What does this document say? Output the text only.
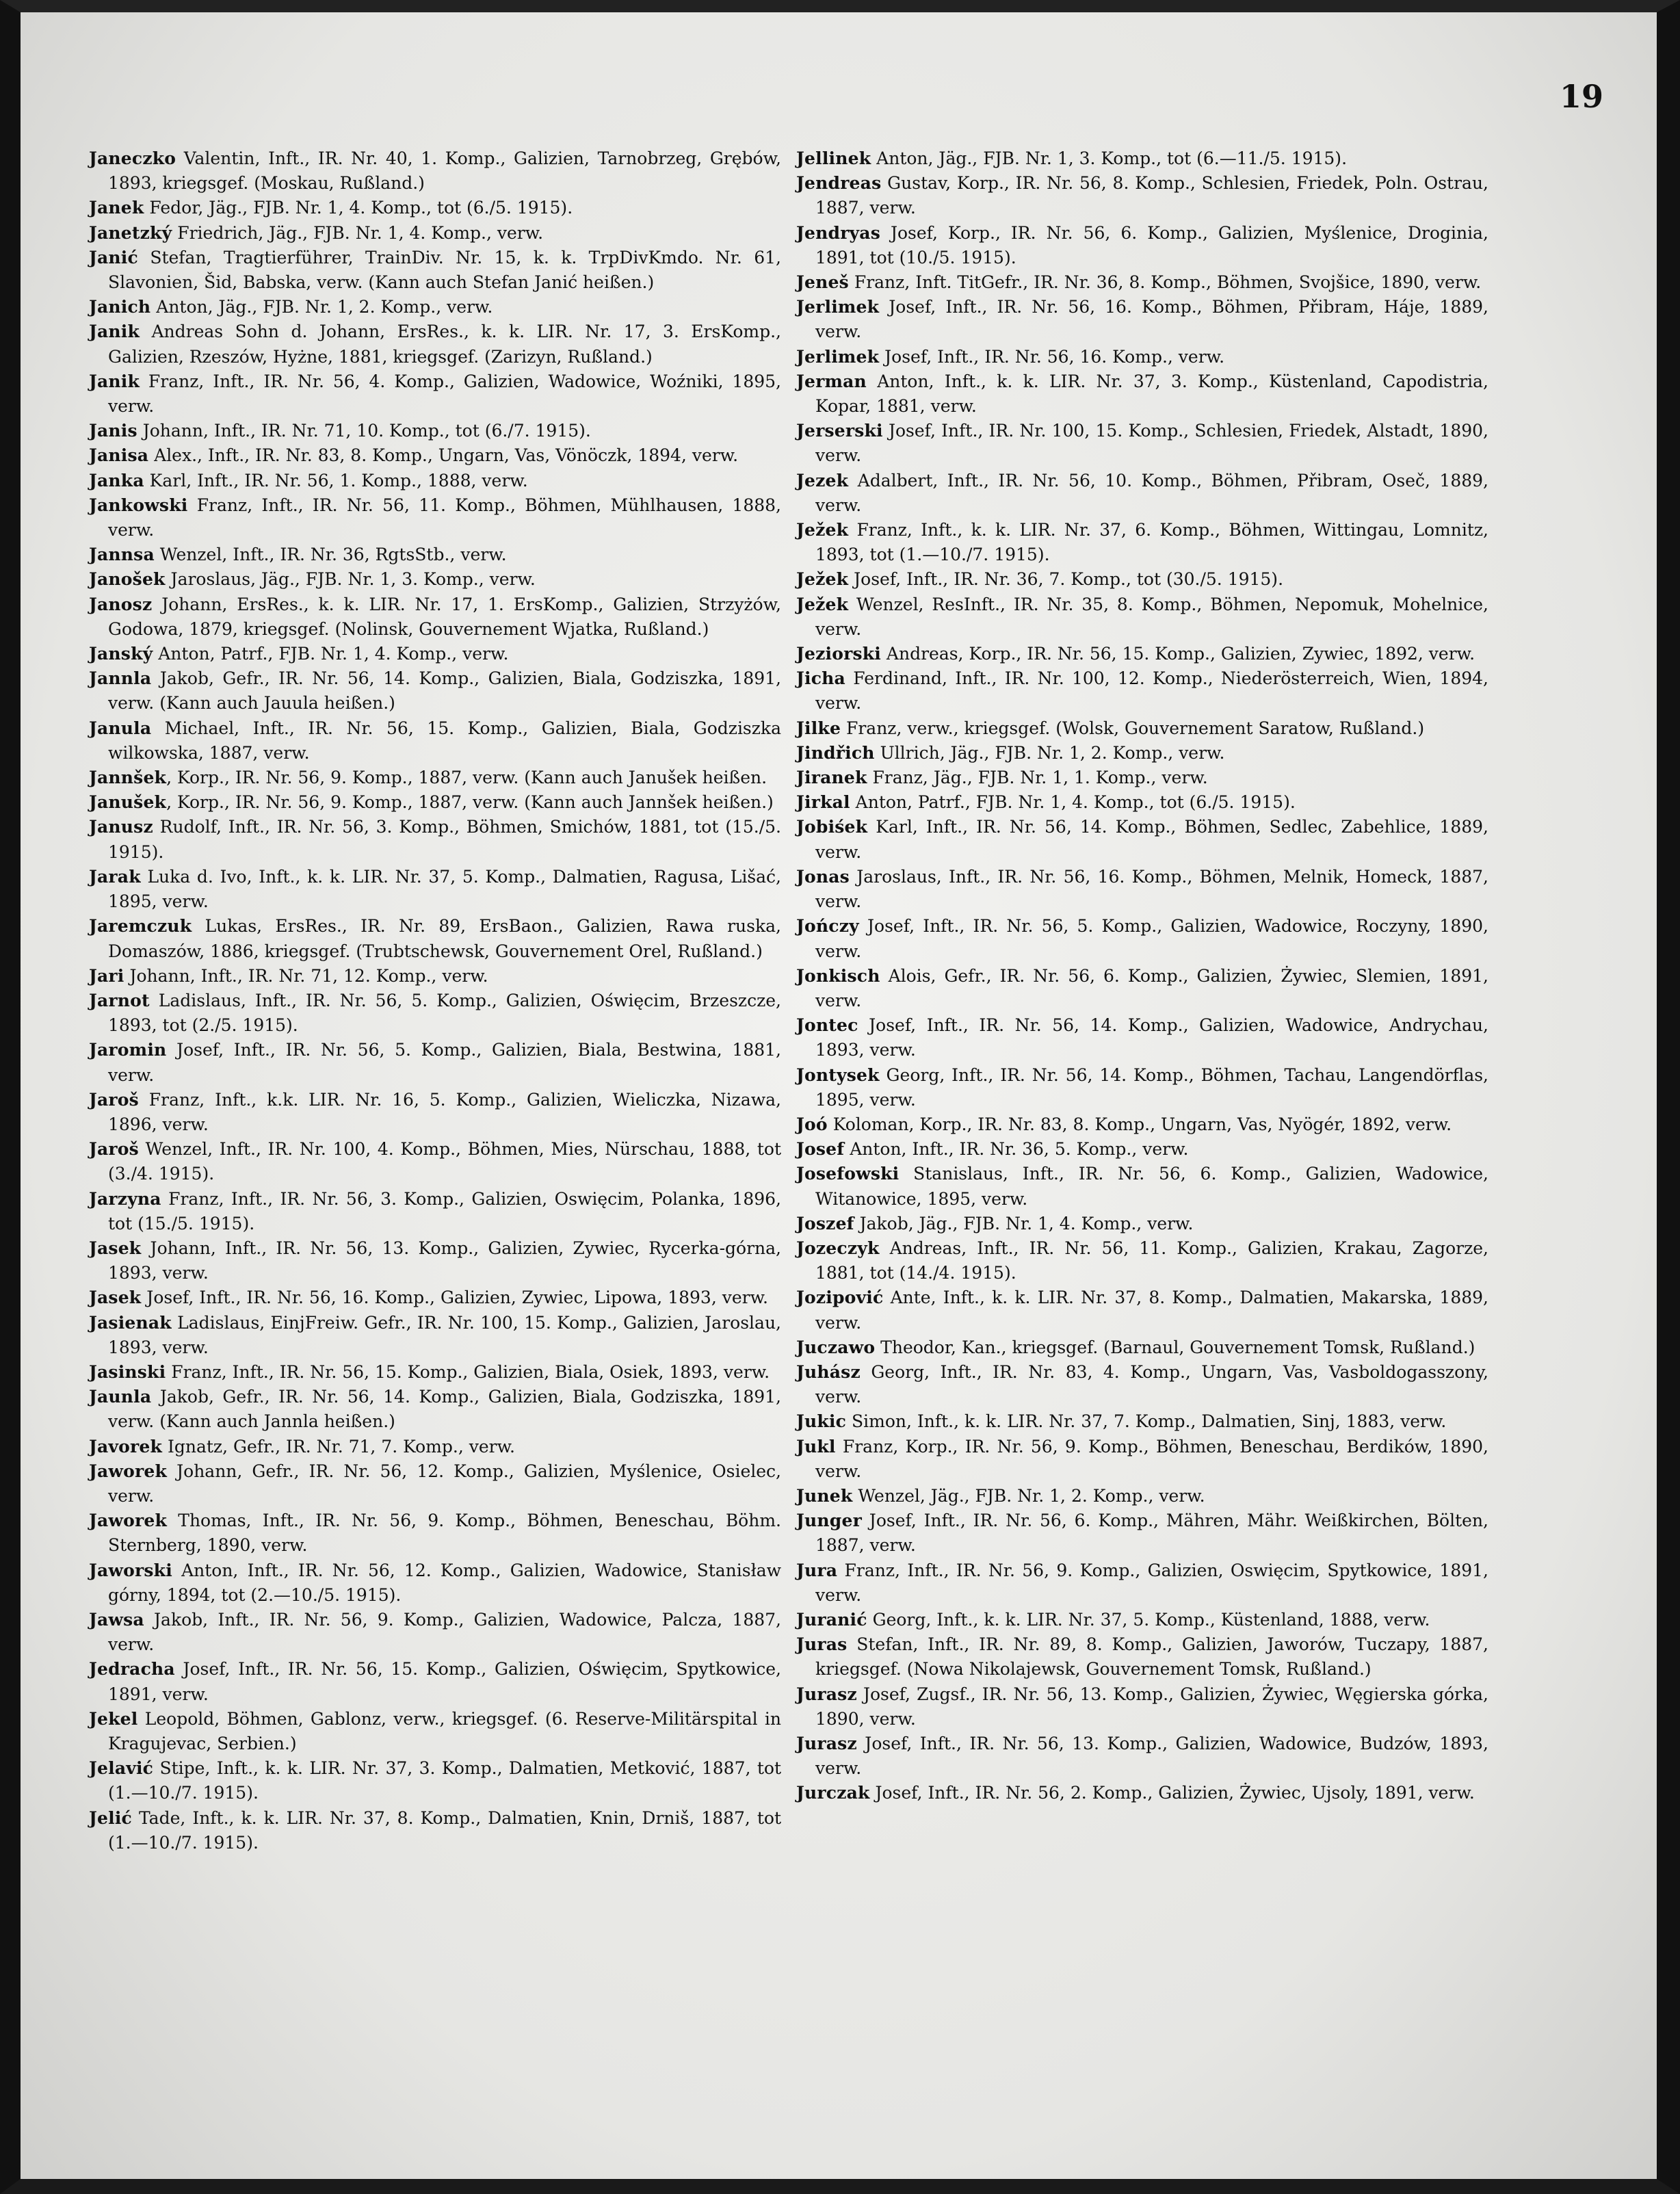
19

Janeczko Valentin, Inft., IR. Nr. 40, 1. Komp., Galizien, Tarnobrzeg, Grębów, 1893, kriegsgef. (Moskau, Rußland.)

Janek Fedor, Jäg., FJB. Nr. 1, 4. Komp., tot (6./5. 1915).

Janetzký Friedrich, Jäg., FJB. Nr. 1, 4. Komp., verw.

Janić Stefan, Tragtierführer, TrainDiv. Nr. 15, k. k. TrpDivKmdo. Nr. 61, Slavonien, Šid, Babska, verw. (Kann auch Stefan Janić heißen.)

Janich Anton, Jäg., FJB. Nr. 1, 2. Komp., verw.

Janik Andreas Sohn d. Johann, ErsRes., k. k. LIR. Nr. 17, 3. ErsKomp., Galizien, Rzeszów, Hyżne, 1881, kriegsgef. (Zarizyn, Rußland.)

Janik Franz, Inft., IR. Nr. 56, 4. Komp., Galizien, Wadowice, Woźniki, 1895, verw.

Janis Johann, Inft., IR. Nr. 71, 10. Komp., tot (6./7. 1915).

Janisa Alex., Inft., IR. Nr. 83, 8. Komp., Ungarn, Vas, Vönöczk, 1894, verw.

Janka Karl, Inft., IR. Nr. 56, 1. Komp., 1888, verw.

Jankowski Franz, Inft., IR. Nr. 56, 11. Komp., Böhmen, Mühlhausen, 1888, verw.

Jannsa Wenzel, Inft., IR. Nr. 36, RgtsStb., verw.

Janošek Jaroslaus, Jäg., FJB. Nr. 1, 3. Komp., verw.

Janosz Johann, ErsRes., k. k. LIR. Nr. 17, 1. ErsKomp., Galizien, Strzyżów, Godowa, 1879, kriegsgef. (Nolinsk, Gouvernement Wjatka, Rußland.)

Janský Anton, Patrf., FJB. Nr. 1, 4. Komp., verw.

Jannla Jakob, Gefr., IR. Nr. 56, 14. Komp., Galizien, Biala, Godziszka, 1891, verw. (Kann auch Jauula heißen.)

Janula Michael, Inft., IR. Nr. 56, 15. Komp., Galizien, Biala, Godziszka wilkowska, 1887, verw.

Jannšek, Korp., IR. Nr. 56, 9. Komp., 1887, verw. (Kann auch Janušek heißen.

Janušek, Korp., IR. Nr. 56, 9. Komp., 1887, verw. (Kann auch Jannšek heißen.)

Janusz Rudolf, Inft., IR. Nr. 56, 3. Komp., Böhmen, Smichów, 1881, tot (15./5. 1915).

Jarak Luka d. Ivo, Inft., k. k. LIR. Nr. 37, 5. Komp., Dalmatien, Ragusa, Lišać, 1895, verw.

Jaremczuk Lukas, ErsRes., IR. Nr. 89, ErsBaon., Galizien, Rawa ruska, Domaszów, 1886, kriegsgef. (Trubtschewsk, Gouvernement Orel, Rußland.)

Jari Johann, Inft., IR. Nr. 71, 12. Komp., verw.

Jarnot Ladislaus, Inft., IR. Nr. 56, 5. Komp., Galizien, Oświęcim, Brzeszcze, 1893, tot (2./5. 1915).

Jaromin Josef, Inft., IR. Nr. 56, 5. Komp., Galizien, Biala, Bestwina, 1881, verw.

Jaroš Franz, Inft., k.k. LIR. Nr. 16, 5. Komp., Galizien, Wieliczka, Nizawa, 1896, verw.

Jaroš Wenzel, Inft., IR. Nr. 100, 4. Komp., Böhmen, Mies, Nürschau, 1888, tot (3./4. 1915).

Jarzyna Franz, Inft., IR. Nr. 56, 3. Komp., Galizien, Oswięcim, Polanka, 1896, tot (15./5. 1915).

Jasek Johann, Inft., IR. Nr. 56, 13. Komp., Galizien, Zywiec, Rycerka-górna, 1893, verw.

Jasek Josef, Inft., IR. Nr. 56, 16. Komp., Galizien, Zywiec, Lipowa, 1893, verw.

Jasienak Ladislaus, EinjFreiw. Gefr., IR. Nr. 100, 15. Komp., Galizien, Jaroslau, 1893, verw.

Jasinski Franz, Inft., IR. Nr. 56, 15. Komp., Galizien, Biala, Osiek, 1893, verw.

Jaunla Jakob, Gefr., IR. Nr. 56, 14. Komp., Galizien, Biala, Godziszka, 1891, verw. (Kann auch Jannla heißen.)

Javorek Ignatz, Gefr., IR. Nr. 71, 7. Komp., verw.

Jaworek Johann, Gefr., IR. Nr. 56, 12. Komp., Galizien, Myślenice, Osielec, verw.

Jaworek Thomas, Inft., IR. Nr. 56, 9. Komp., Böhmen, Beneschau, Böhm. Sternberg, 1890, verw.

Jaworski Anton, Inft., IR. Nr. 56, 12. Komp., Galizien, Wadowice, Stanisław górny, 1894, tot (2.—10./5. 1915).

Jawsa Jakob, Inft., IR. Nr. 56, 9. Komp., Galizien, Wadowice, Palcza, 1887, verw.

Jedracha Josef, Inft., IR. Nr. 56, 15. Komp., Galizien, Oświęcim, Spytkowice, 1891, verw.

Jekel Leopold, Böhmen, Gablonz, verw., kriegsgef. (6. Reserve-Militärspital in Kragujevac, Serbien.)

Jelavić Stipe, Inft., k. k. LIR. Nr. 37, 3. Komp., Dalmatien, Metković, 1887, tot (1.—10./7. 1915).

Jelić Tade, Inft., k. k. LIR. Nr. 37, 8. Komp., Dalmatien, Knin, Drniš, 1887, tot (1.—10./7. 1915).

Jellinek Anton, Jäg., FJB. Nr. 1, 3. Komp., tot (6.—11./5. 1915).

Jendreas Gustav, Korp., IR. Nr. 56, 8. Komp., Schlesien, Friedek, Poln. Ostrau, 1887, verw.

Jendryas Josef, Korp., IR. Nr. 56, 6. Komp., Galizien, Myślenice, Droginia, 1891, tot (10./5. 1915).

Jeneš Franz, Inft. TitGefr., IR. Nr. 36, 8. Komp., Böhmen, Svojšice, 1890, verw.

Jerlimek Josef, Inft., IR. Nr. 56, 16. Komp., Böhmen, Přibram, Háje, 1889, verw.

Jerlimek Josef, Inft., IR. Nr. 56, 16. Komp., verw.

Jerman Anton, Inft., k. k. LIR. Nr. 37, 3. Komp., Küstenland, Capodistria, Kopar, 1881, verw.

Jerserski Josef, Inft., IR. Nr. 100, 15. Komp., Schlesien, Friedek, Alstadt, 1890, verw.

Jezek Adalbert, Inft., IR. Nr. 56, 10. Komp., Böhmen, Přibram, Oseč, 1889, verw.

Ježek Franz, Inft., k. k. LIR. Nr. 37, 6. Komp., Böhmen, Wittingau, Lomnitz, 1893, tot (1.—10./7. 1915).

Ježek Josef, Inft., IR. Nr. 36, 7. Komp., tot (30./5. 1915).

Ježek Wenzel, ResInft., IR. Nr. 35, 8. Komp., Böhmen, Nepomuk, Mohelnice, verw.

Jeziorski Andreas, Korp., IR. Nr. 56, 15. Komp., Galizien, Zywiec, 1892, verw.

Jicha Ferdinand, Inft., IR. Nr. 100, 12. Komp., Niederösterreich, Wien, 1894, verw.

Jilke Franz, verw., kriegsgef. (Wolsk, Gouvernement Saratow, Rußland.)

Jindřich Ullrich, Jäg., FJB. Nr. 1, 2. Komp., verw.

Jiranek Franz, Jäg., FJB. Nr. 1, 1. Komp., verw.

Jirkal Anton, Patrf., FJB. Nr. 1, 4. Komp., tot (6./5. 1915).

Jobiśek Karl, Inft., IR. Nr. 56, 14. Komp., Böhmen, Sedlec, Zabehlice, 1889, verw.

Jonas Jaroslaus, Inft., IR. Nr. 56, 16. Komp., Böhmen, Melnik, Homeck, 1887, verw.

Jończy Josef, Inft., IR. Nr. 56, 5. Komp., Galizien, Wadowice, Roczyny, 1890, verw.

Jonkisch Alois, Gefr., IR. Nr. 56, 6. Komp., Galizien, Żywiec, Slemien, 1891, verw.

Jontec Josef, Inft., IR. Nr. 56, 14. Komp., Galizien, Wadowice, Andrychau, 1893, verw.

Jontysek Georg, Inft., IR. Nr. 56, 14. Komp., Böhmen, Tachau, Langendörflas, 1895, verw.

Joó Koloman, Korp., IR. Nr. 83, 8. Komp., Ungarn, Vas, Nyögér, 1892, verw.

Josef Anton, Inft., IR. Nr. 36, 5. Komp., verw.

Josefowski Stanislaus, Inft., IR. Nr. 56, 6. Komp., Galizien, Wadowice, Witanowice, 1895, verw.

Joszef Jakob, Jäg., FJB. Nr. 1, 4. Komp., verw.

Jozeczyk Andreas, Inft., IR. Nr. 56, 11. Komp., Galizien, Krakau, Zagorze, 1881, tot (14./4. 1915).

Jozipović Ante, Inft., k. k. LIR. Nr. 37, 8. Komp., Dalmatien, Makarska, 1889, verw.

Juczawo Theodor, Kan., kriegsgef. (Barnaul, Gouvernement Tomsk, Rußland.)

Juhász Georg, Inft., IR. Nr. 83, 4. Komp., Ungarn, Vas, Vasboldogasszony, verw.

Jukic Simon, Inft., k. k. LIR. Nr. 37, 7. Komp., Dalmatien, Sinj, 1883, verw.

Jukl Franz, Korp., IR. Nr. 56, 9. Komp., Böhmen, Beneschau, Berdików, 1890, verw.

Junek Wenzel, Jäg., FJB. Nr. 1, 2. Komp., verw.

Junger Josef, Inft., IR. Nr. 56, 6. Komp., Mähren, Mähr. Weißkirchen, Bölten, 1887, verw.

Jura Franz, Inft., IR. Nr. 56, 9. Komp., Galizien, Oswięcim, Spytkowice, 1891, verw.

Juranić Georg, Inft., k. k. LIR. Nr. 37, 5. Komp., Küstenland, 1888, verw.

Juras Stefan, Inft., IR. Nr. 89, 8. Komp., Galizien, Jaworów, Tuczapy, 1887, kriegsgef. (Nowa Nikolajewsk, Gouvernement Tomsk, Rußland.)

Jurasz Josef, Zugsf., IR. Nr. 56, 13. Komp., Galizien, Żywiec, Węgierska górka, 1890, verw.

Jurasz Josef, Inft., IR. Nr. 56, 13. Komp., Galizien, Wadowice, Budzów, 1893, verw.

Jurczak Josef, Inft., IR. Nr. 56, 2. Komp., Galizien, Żywiec, Ujsoly, 1891, verw.
